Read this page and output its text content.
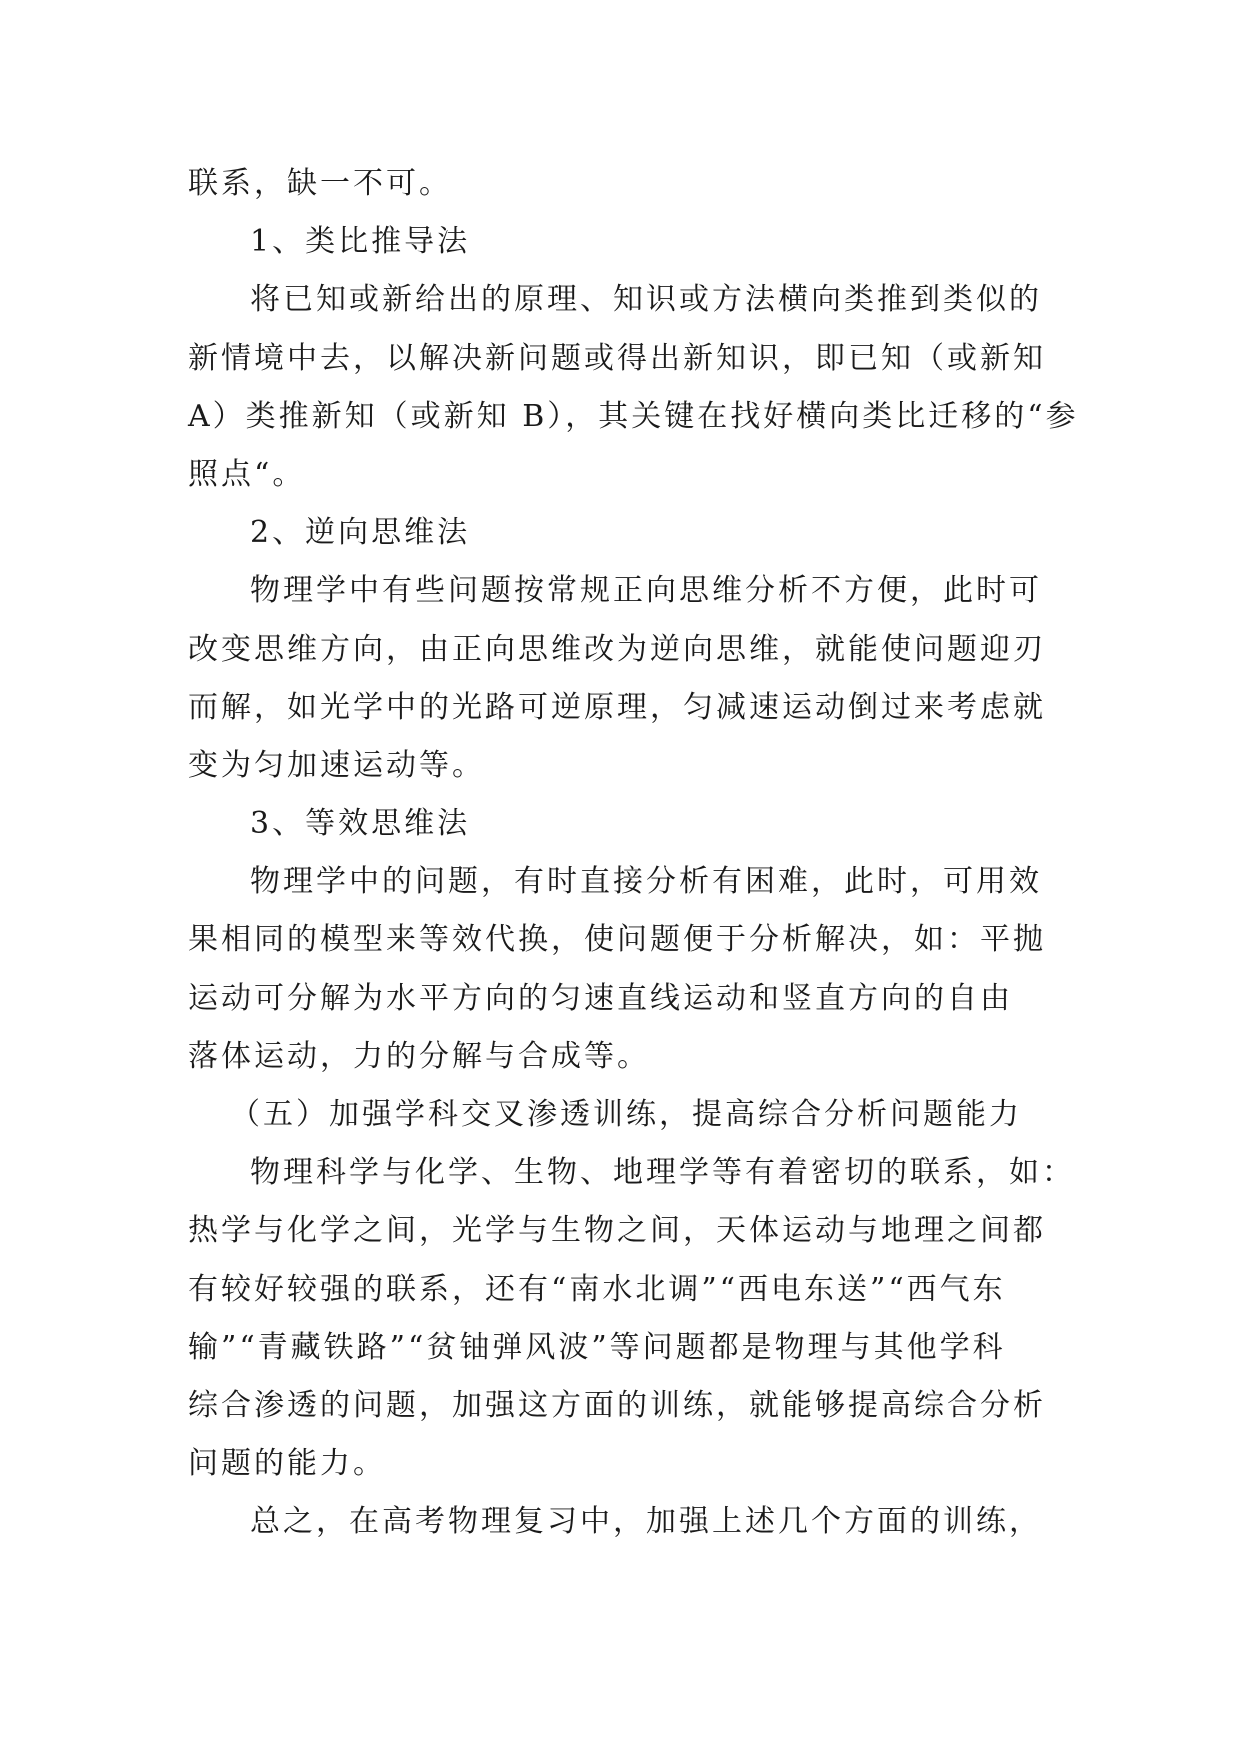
联系，缺一不可。
1、类比推导法
将已知或新给出的原理、知识或方法横向类推到类似的
新情境中去，以解决新问题或得出新知识，即已知（或新知
A）类推新知（或新知 B），其关键在找好横向类比迁移的“参
照点“。
2、逆向思维法
物理学中有些问题按常规正向思维分析不方便，此时可
改变思维方向，由正向思维改为逆向思维，就能使问题迎刃
而解，如光学中的光路可逆原理，匀减速运动倒过来考虑就
变为匀加速运动等。
3、等效思维法
物理学中的问题，有时直接分析有困难，此时，可用效
果相同的模型来等效代换，使问题便于分析解决，如：平抛
运动可分解为水平方向的匀速直线运动和竖直方向的自由
落体运动，力的分解与合成等。
（五）加强学科交叉渗透训练，提高综合分析问题能力
物理科学与化学、生物、地理学等有着密切的联系，如：
热学与化学之间，光学与生物之间，天体运动与地理之间都
有较好较强的联系，还有“南水北调”“西电东送”“西气东
输”“青藏铁路”“贫铀弹风波”等问题都是物理与其他学科
综合渗透的问题，加强这方面的训练，就能够提高综合分析
问题的能力。
总之，在高考物理复习中，加强上述几个方面的训练，
